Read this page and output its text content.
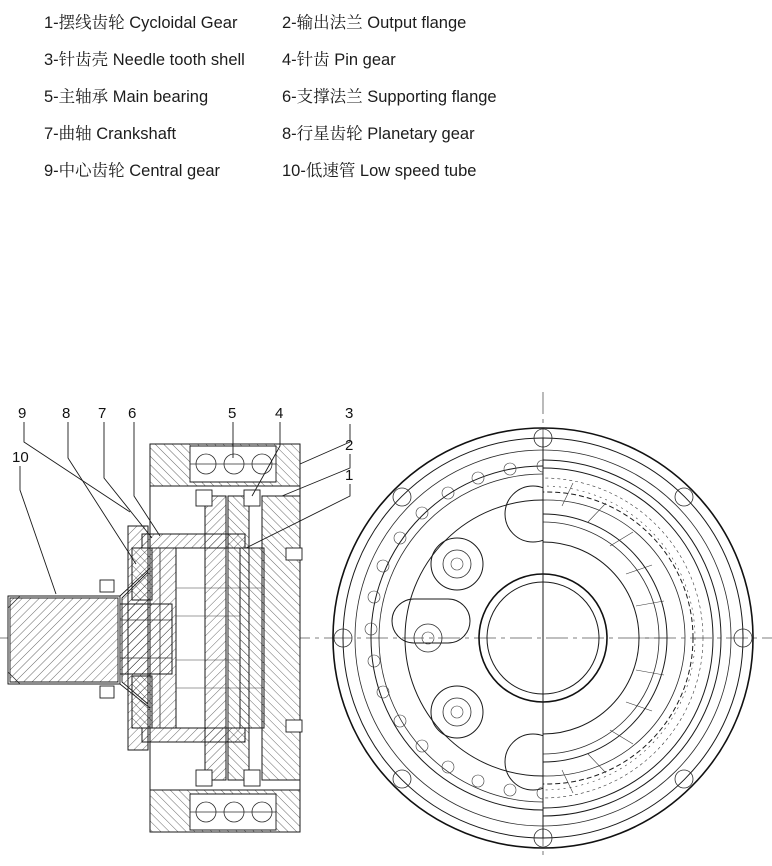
1-摆线齿轮 Cycloidal Gear	2-输出法兰 Output flange
3-针齿壳 Needle tooth shell	4-针齿 Pin gear
5-主轴承 Main bearing	6-支撑法兰 Supporting flange
7-曲轴 Crankshaft	8-行星齿轮 Planetary gear
9-中心齿轮 Central gear	10-低速管 Low speed tube
9 8 7 6	5	4	3
2
1
10
